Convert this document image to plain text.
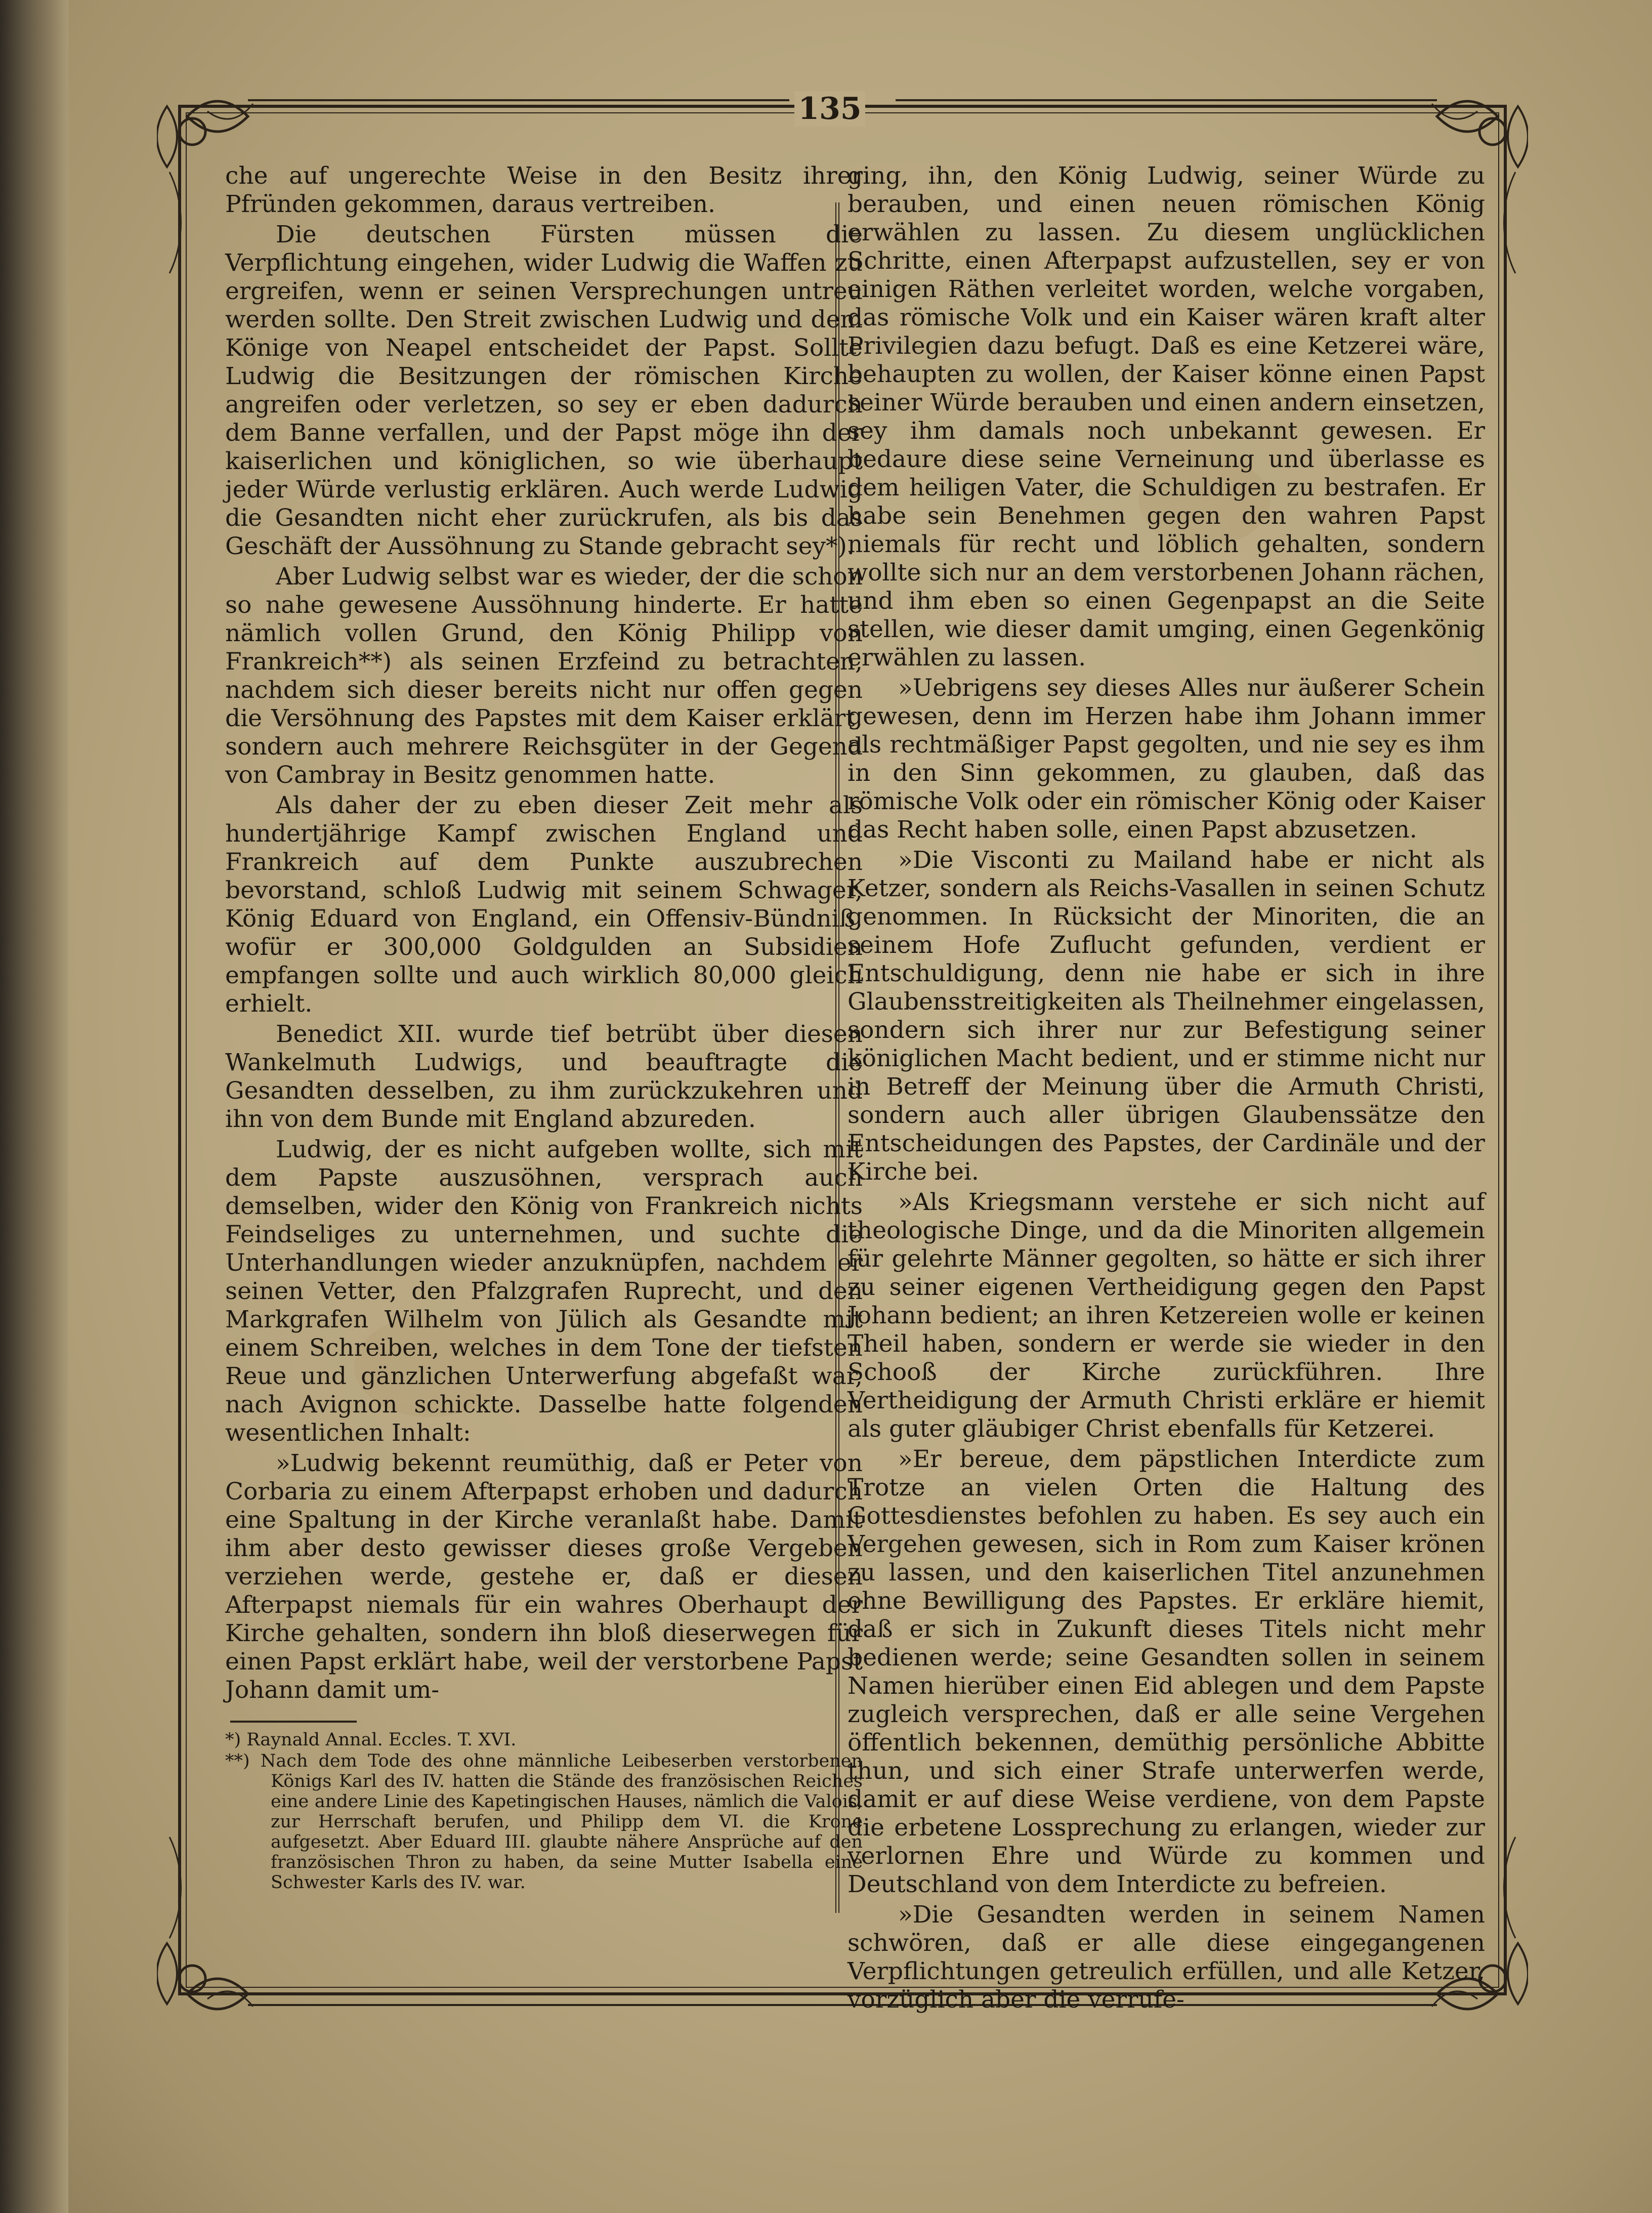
135

che auf ungerechte Weise in den Besitz ihrer Pfründen gekommen, daraus vertreiben.

Die deutschen Fürsten müssen die Verpflichtung eingehen, wider Ludwig die Waffen zu ergreifen, wenn er seinen Versprechungen untreu werden sollte. Den Streit zwischen Ludwig und dem Könige von Neapel entscheidet der Papst. Sollte Ludwig die Besitzungen der römischen Kirche angreifen oder verletzen, so sey er eben dadurch dem Banne verfallen, und der Papst möge ihn der kaiserlichen und königlichen, so wie überhaupt jeder Würde verlustig erklären. Auch werde Ludwig die Gesandten nicht eher zurückrufen, als bis das Geschäft der Aussöhnung zu Stande gebracht sey*).

Aber Ludwig selbst war es wieder, der die schon so nahe gewesene Aussöhnung hinderte. Er hatte nämlich vollen Grund, den König Philipp von Frankreich**) als seinen Erzfeind zu betrachten, nachdem sich dieser bereits nicht nur offen gegen die Versöhnung des Papstes mit dem Kaiser erklärt, sondern auch mehrere Reichsgüter in der Gegend von Cambray in Besitz genommen hatte.

Als daher der zu eben dieser Zeit mehr als hundertjährige Kampf zwischen England und Frankreich auf dem Punkte auszubrechen bevorstand, schloß Ludwig mit seinem Schwager, König Eduard von England, ein Offensiv-Bündniß, wofür er 300,000 Goldgulden an Subsidien empfangen sollte und auch wirklich 80,000 gleich erhielt.

Benedict XII. wurde tief betrübt über diesen Wankelmuth Ludwigs, und beauftragte die Gesandten desselben, zu ihm zurückzukehren und ihn von dem Bunde mit England abzureden.

Ludwig, der es nicht aufgeben wollte, sich mit dem Papste auszusöhnen, versprach auch demselben, wider den König von Frankreich nichts Feindseliges zu unternehmen, und suchte die Unterhandlungen wieder anzuknüpfen, nachdem er seinen Vetter, den Pfalzgrafen Ruprecht, und den Markgrafen Wilhelm von Jülich als Gesandte mit einem Schreiben, welches in dem Tone der tiefsten Reue und gänzlichen Unterwerfung abgefaßt war, nach Avignon schickte. Dasselbe hatte folgenden wesentlichen Inhalt:

»Ludwig bekennt reumüthig, daß er Peter von Corbaria zu einem Afterpapst erhoben und dadurch eine Spaltung in der Kirche veranlaßt habe. Damit ihm aber desto gewisser dieses große Vergeben verziehen werde, gestehe er, daß er diesen Afterpapst niemals für ein wahres Oberhaupt der Kirche gehalten, sondern ihn bloß dieserwegen für einen Papst erklärt habe, weil der verstorbene Papst Johann damit um-

ging, ihn, den König Ludwig, seiner Würde zu berauben, und einen neuen römischen König erwählen zu lassen. Zu diesem unglücklichen Schritte, einen Afterpapst aufzustellen, sey er von einigen Räthen verleitet worden, welche vorgaben, das römische Volk und ein Kaiser wären kraft alter Privilegien dazu befugt. Daß es eine Ketzerei wäre, behaupten zu wollen, der Kaiser könne einen Papst seiner Würde berauben und einen andern einsetzen, sey ihm damals noch unbekannt gewesen. Er bedaure diese seine Verneinung und überlasse es dem heiligen Vater, die Schuldigen zu bestrafen. Er habe sein Benehmen gegen den wahren Papst niemals für recht und löblich gehalten, sondern wollte sich nur an dem verstorbenen Johann rächen, und ihm eben so einen Gegenpapst an die Seite stellen, wie dieser damit umging, einen Gegenkönig erwählen zu lassen.

»Uebrigens sey dieses Alles nur äußerer Schein gewesen, denn im Herzen habe ihm Johann immer als rechtmäßiger Papst gegolten, und nie sey es ihm in den Sinn gekommen, zu glauben, daß das römische Volk oder ein römischer König oder Kaiser das Recht haben solle, einen Papst abzusetzen.

»Die Visconti zu Mailand habe er nicht als Ketzer, sondern als Reichs-Vasallen in seinen Schutz genommen. In Rücksicht der Minoriten, die an seinem Hofe Zuflucht gefunden, verdient er Entschuldigung, denn nie habe er sich in ihre Glaubensstreitigkeiten als Theilnehmer eingelassen, sondern sich ihrer nur zur Befestigung seiner königlichen Macht bedient, und er stimme nicht nur in Betreff der Meinung über die Armuth Christi, sondern auch aller übrigen Glaubenssätze den Entscheidungen des Papstes, der Cardinäle und der Kirche bei.

»Als Kriegsmann verstehe er sich nicht auf theologische Dinge, und da die Minoriten allgemein für gelehrte Männer gegolten, so hätte er sich ihrer zu seiner eigenen Vertheidigung gegen den Papst Johann bedient; an ihren Ketzereien wolle er keinen Theil haben, sondern er werde sie wieder in den Schooß der Kirche zurückführen. Ihre Vertheidigung der Armuth Christi erkläre er hiemit als guter gläubiger Christ ebenfalls für Ketzerei.

»Er bereue, dem päpstlichen Interdicte zum Trotze an vielen Orten die Haltung des Gottesdienstes befohlen zu haben. Es sey auch ein Vergehen gewesen, sich in Rom zum Kaiser krönen zu lassen, und den kaiserlichen Titel anzunehmen ohne Bewilligung des Papstes. Er erkläre hiemit, daß er sich in Zukunft dieses Titels nicht mehr bedienen werde; seine Gesandten sollen in seinem Namen hierüber einen Eid ablegen und dem Papste zugleich versprechen, daß er alle seine Vergehen öffentlich bekennen, demüthig persönliche Abbitte thun, und sich einer Strafe unterwerfen werde, damit er auf diese Weise verdiene, von dem Papste die erbetene Lossprechung zu erlangen, wieder zur verlornen Ehre und Würde zu kommen und Deutschland von dem Interdicte zu befreien.

»Die Gesandten werden in seinem Namen schwören, daß er alle diese eingegangenen Verpflichtungen getreulich erfüllen, und alle Ketzer, vorzüglich aber die verrufe-

*) Raynald Annal. Eccles. T. XVI.

**) Nach dem Tode des ohne männliche Leibeserben verstorbenen Königs Karl des IV. hatten die Stände des französischen Reiches eine andere Linie des Kapetingischen Hauses, nämlich die Valois, zur Herrschaft berufen, und Philipp dem VI. die Krone aufgesetzt. Aber Eduard III. glaubte nähere Ansprüche auf den französischen Thron zu haben, da seine Mutter Isabella eine Schwester Karls des IV. war.
